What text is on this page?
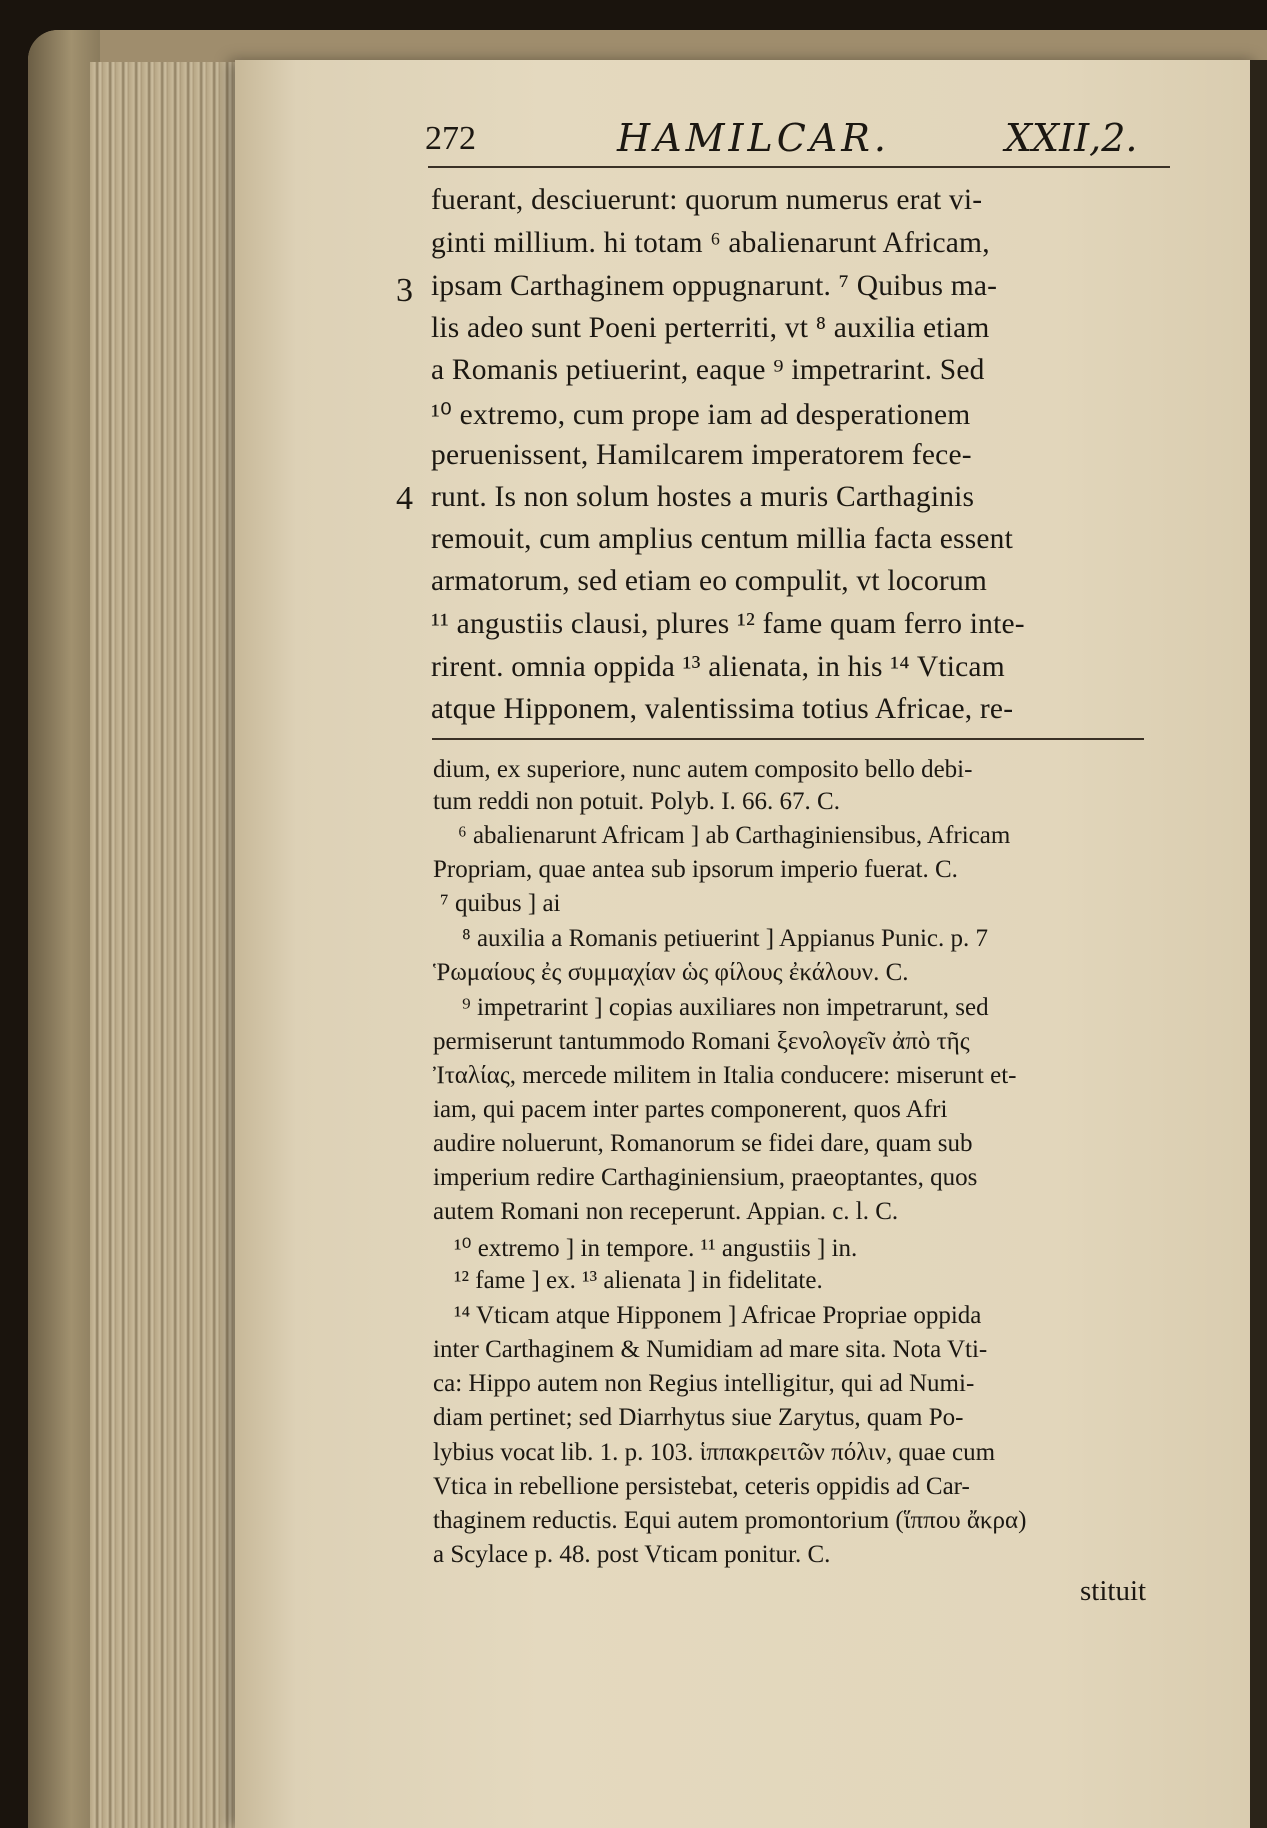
272	HAMILCAR.	XXII,2.
3
4
fuerant, desciuerunt: quorum numerus erat vi-
ginti millium. hi totam ⁶ abalienarunt Africam,
ipsam Carthaginem oppugnarunt. ⁷ Quibus ma-
lis adeo sunt Poeni perterriti, vt ⁸ auxilia etiam
a Romanis petiuerint, eaque ⁹ impetrarint. Sed
¹⁰ extremo, cum prope iam ad desperationem
peruenissent, Hamilcarem imperatorem fece-
runt. Is non solum hostes a muris Carthaginis
remouit, cum amplius centum millia facta essent
armatorum, sed etiam eo compulit, vt locorum
¹¹ angustiis clausi, plures ¹² fame quam ferro inte-
rirent. omnia oppida ¹³ alienata, in his ¹⁴ Vticam
atque Hipponem, valentissima totius Africae, re-
dium, ex superiore, nunc autem composito bello debi-
tum reddi non potuit. Polyb. I. 66. 67. C.
⁶ abalienarunt Africam ] ab Carthaginiensibus, Africam
Propriam, quae antea sub ipsorum imperio fuerat. C.
⁷ quibus ] ai
⁸ auxilia a Romanis petiuerint ] Appianus Punic. p. 7
Ῥωμαίους ἐς συμμαχίαν ὡς φίλους ἐκάλουν. C.
⁹ impetrarint ] copias auxiliares non impetrarunt, sed
permiserunt tantummodo Romani ξενολογεῖν ἀπὸ τῆς
Ἰταλίας, mercede militem in Italia conducere: miserunt et-
iam, qui pacem inter partes componerent, quos Afri
audire noluerunt, Romanorum se fidei dare, quam sub
imperium redire Carthaginiensium, praeoptantes, quos
autem Romani non receperunt. Appian. c. l. C.
¹⁰ extremo ] in tempore. ¹¹ angustiis ] in.
¹² fame ] ex. ¹³ alienata ] in fidelitate.
¹⁴ Vticam atque Hipponem ] Africae Propriae oppida
inter Carthaginem & Numidiam ad mare sita. Nota Vti-
ca: Hippo autem non Regius intelligitur, qui ad Numi-
diam pertinet; sed Diarrhytus siue Zarytus, quam Po-
lybius vocat lib. 1. p. 103. ἱππακρειτῶν πόλιν, quae cum
Vtica in rebellione persistebat, ceteris oppidis ad Car-
thaginem reductis. Equi autem promontorium (ἵππου ἄκρα)
a Scylace p. 48. post Vticam ponitur. C.
stituit
